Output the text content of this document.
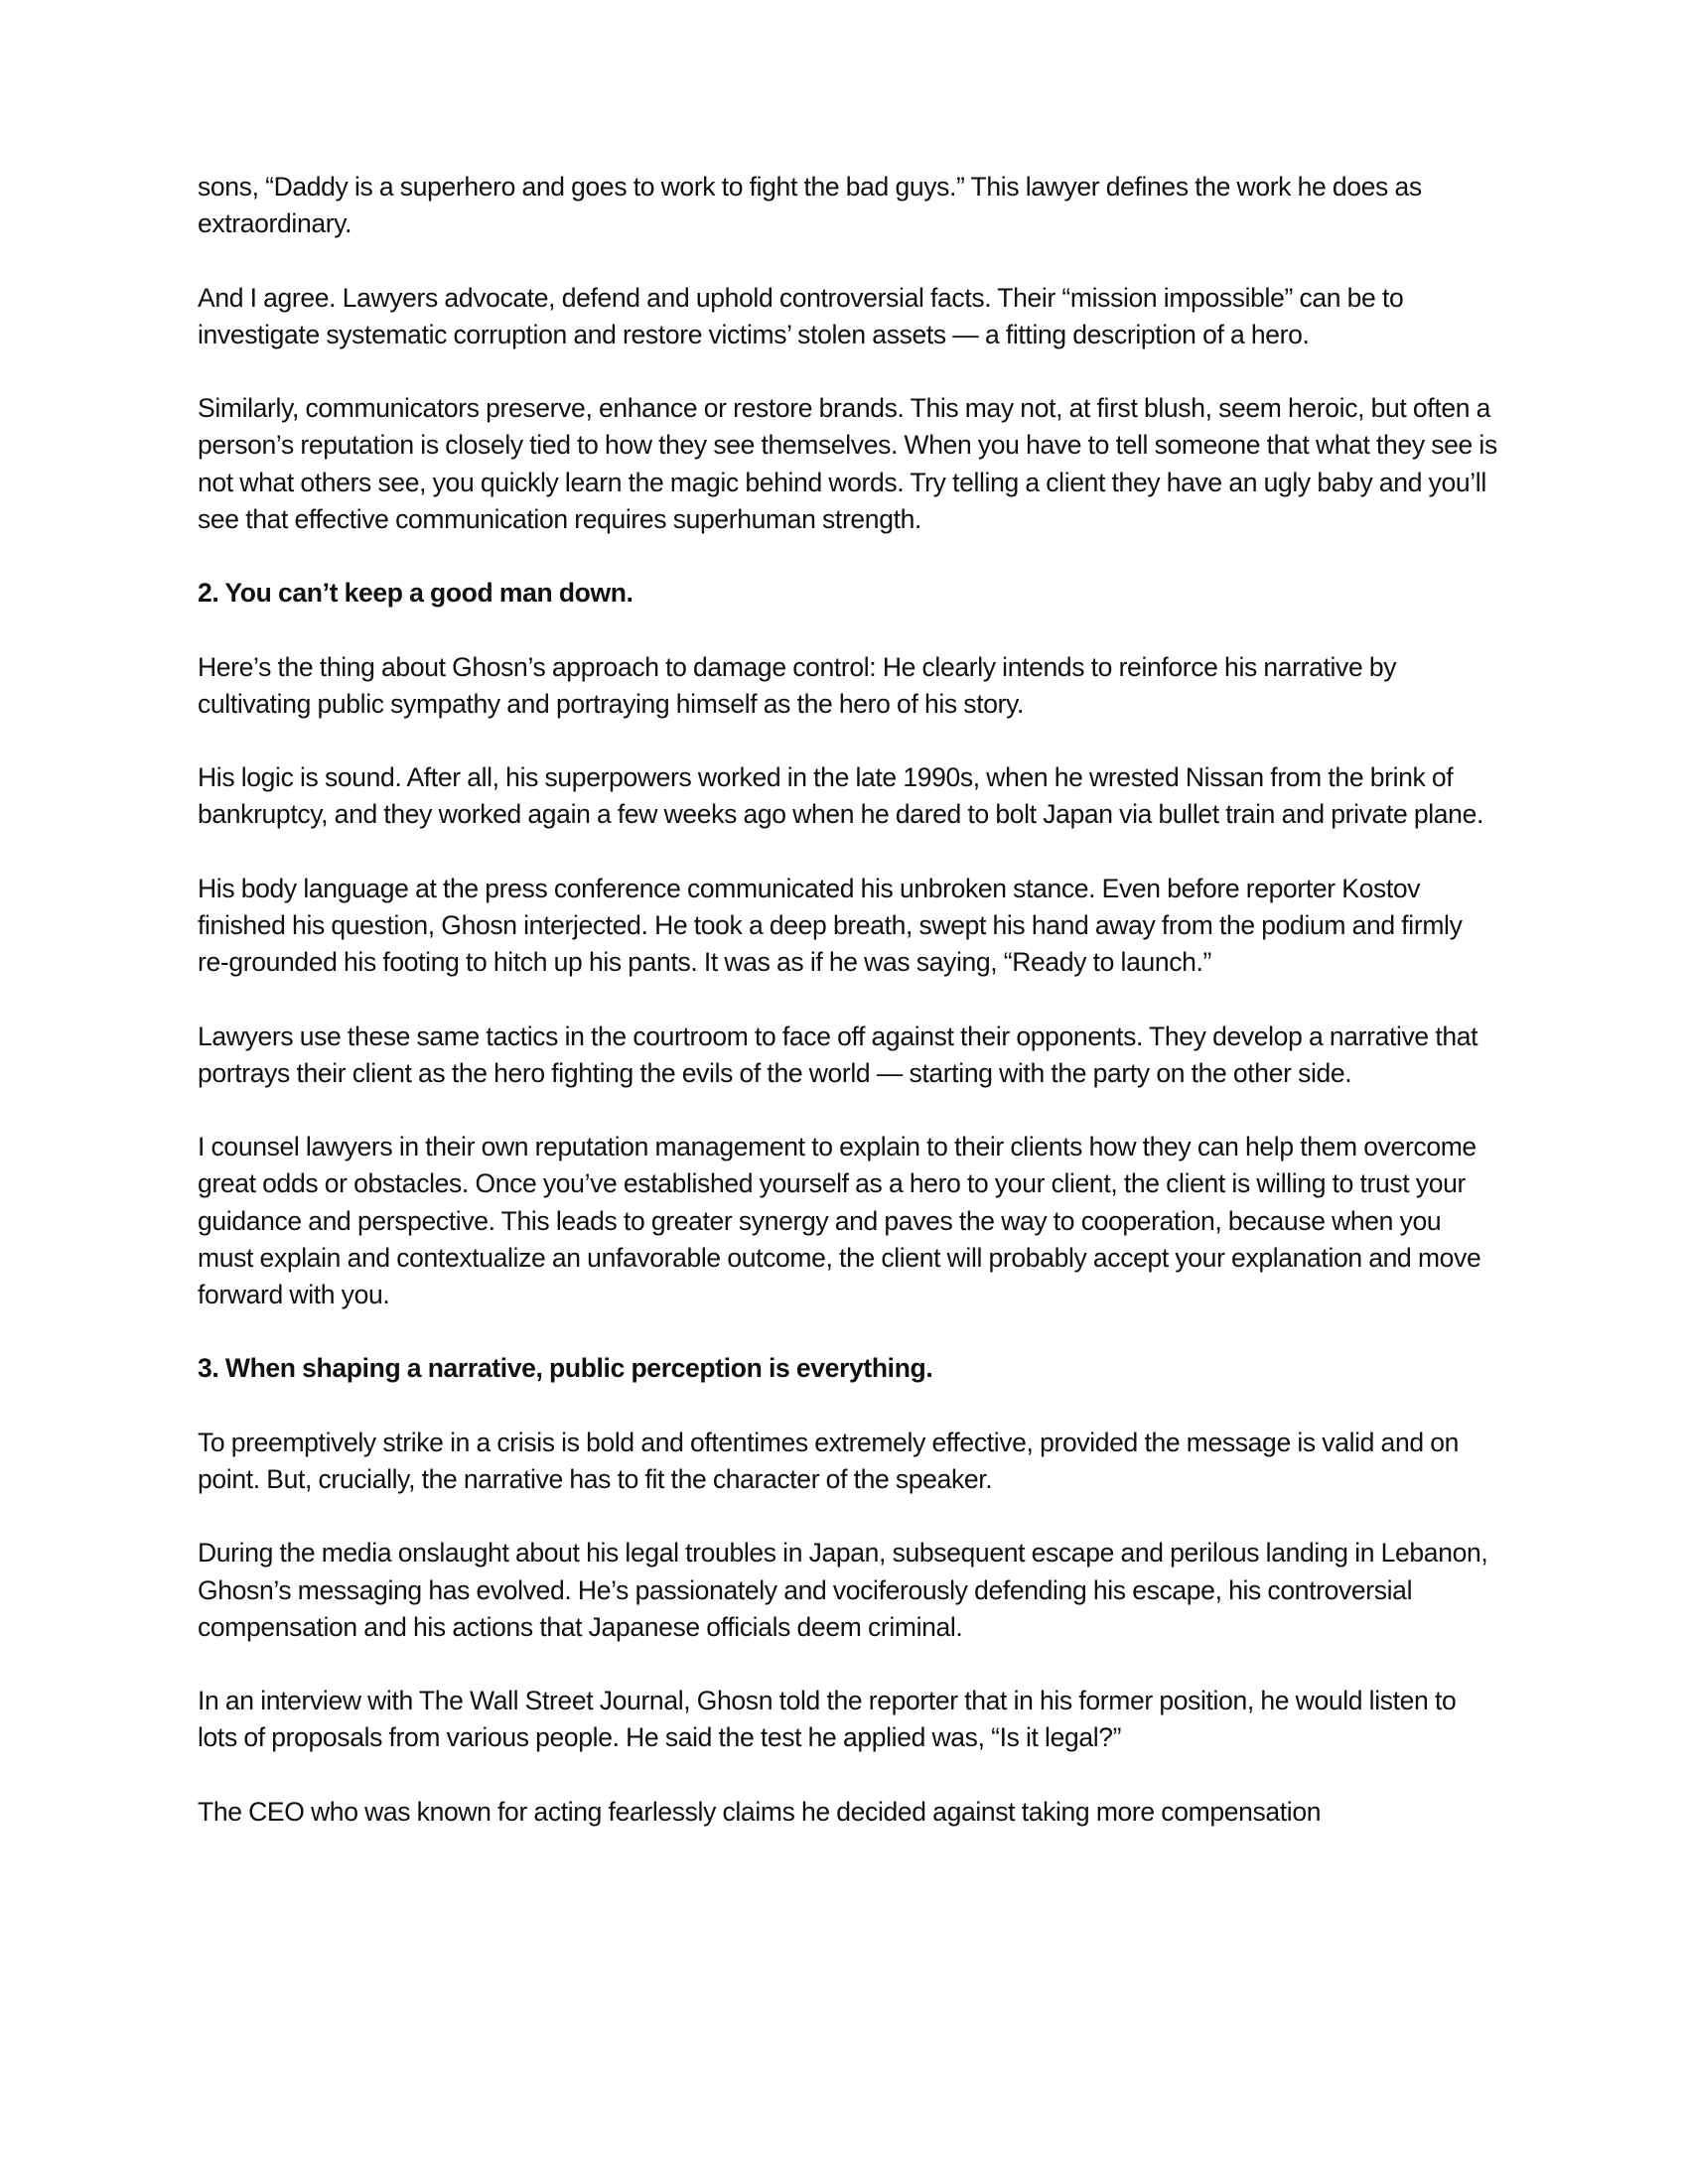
sons, “Daddy is a superhero and goes to work to fight the bad guys.” This lawyer defines the work he does as extraordinary.

And I agree. Lawyers advocate, defend and uphold controversial facts. Their “mission impossible” can be to investigate systematic corruption and restore victims’ stolen assets — a fitting description of a hero.

Similarly, communicators preserve, enhance or restore brands. This may not, at first blush, seem heroic, but often a person’s reputation is closely tied to how they see themselves. When you have to tell someone that what they see is not what others see, you quickly learn the magic behind words. Try telling a client they have an ugly baby and you’ll see that effective communication requires superhuman strength.

2. You can’t keep a good man down.

Here’s the thing about Ghosn’s approach to damage control: He clearly intends to reinforce his narrative by cultivating public sympathy and portraying himself as the hero of his story.

His logic is sound. After all, his superpowers worked in the late 1990s, when he wrested Nissan from the brink of bankruptcy, and they worked again a few weeks ago when he dared to bolt Japan via bullet train and private plane.

His body language at the press conference communicated his unbroken stance. Even before reporter Kostov finished his question, Ghosn interjected. He took a deep breath, swept his hand away from the podium and firmly re-grounded his footing to hitch up his pants. It was as if he was saying, “Ready to launch.”

Lawyers use these same tactics in the courtroom to face off against their opponents. They develop a narrative that portrays their client as the hero fighting the evils of the world — starting with the party on the other side.

I counsel lawyers in their own reputation management to explain to their clients how they can help them overcome great odds or obstacles. Once you’ve established yourself as a hero to your client, the client is willing to trust your guidance and perspective. This leads to greater synergy and paves the way to cooperation, because when you must explain and contextualize an unfavorable outcome, the client will probably accept your explanation and move forward with you.

3. When shaping a narrative, public perception is everything.

To preemptively strike in a crisis is bold and oftentimes extremely effective, provided the message is valid and on point. But, crucially, the narrative has to fit the character of the speaker.

During the media onslaught about his legal troubles in Japan, subsequent escape and perilous landing in Lebanon, Ghosn’s messaging has evolved. He’s passionately and vociferously defending his escape, his controversial compensation and his actions that Japanese officials deem criminal.

In an interview with The Wall Street Journal, Ghosn told the reporter that in his former position, he would listen to lots of proposals from various people. He said the test he applied was, “Is it legal?”

The CEO who was known for acting fearlessly claims he decided against taking more compensation
